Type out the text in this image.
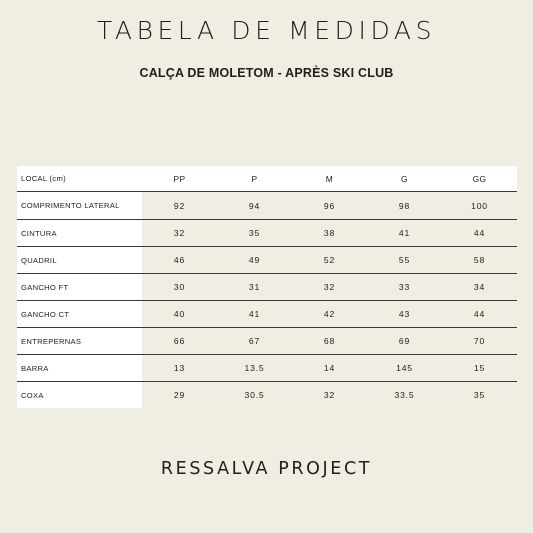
TABELA DE MEDIDAS
CALÇA DE MOLETOM - APRÈS SKI CLUB
LOCAL (cm)	PP	P	M	G	GG
COMPRIMENTO LATERAL	92	94	96	98	100
CINTURA	32	35	38	41	44
QUADRIL	46	49	52	55	58
GANCHO FT	30	31	32	33	34
GANCHO CT	40	41	42	43	44
ENTREPERNAS	66	67	68	69	70
BARRA	13	13.5	14	145	15
COXA	29	30.5	32	33.5	35
RESSALVA PROJECT
